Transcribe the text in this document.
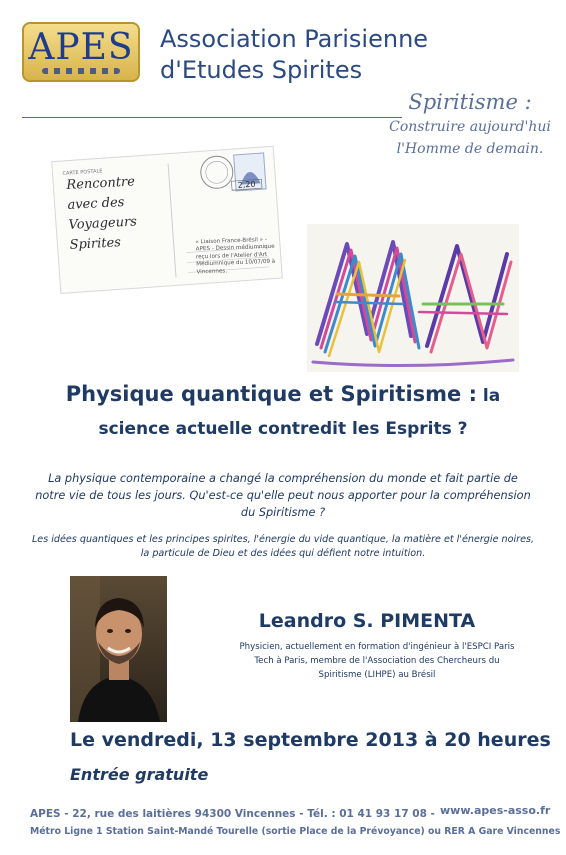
APES Association Parisienne
d'Etudes Spirites
Spiritisme :
Construire aujourd'hui
l'Homme de demain.
CARTE POSTALE
2,20
Rencontre
avec des
Voyageurs
Spirites	« Liaison France-Brésil » - APES - Dessin médiumnique reçu lors de l'Atelier d'Art Médiumnique du 10/07/09 à Vincennes.
Physique quantique et Spiritisme : la
science actuelle contredit les Esprits ?
La physique contemporaine a changé la compréhension du monde et fait partie de
notre vie de tous les jours. Qu'est-ce qu'elle peut nous apporter pour la compréhension
du Spiritisme ?
Les idées quantiques et les principes spirites, l'énergie du vide quantique, la matière et l'énergie noires,
la particule de Dieu et des idées qui défient notre intuition.
Leandro S. PIMENTA
Physicien, actuellement en formation d'ingénieur à l'ESPCI Paris
Tech à Paris, membre de l'Association des Chercheurs du
Spiritisme (LIHPE) au Brésil
Le vendredi, 13 septembre 2013 à 20 heures
Entrée gratuite
APES - 22, rue des laitières 94300 Vincennes - Tél. : 01 41 93 17 08 - www.apes-asso.fr
Métro Ligne 1 Station Saint-Mandé Tourelle (sortie Place de la Prévoyance) ou RER A Gare Vincennes
